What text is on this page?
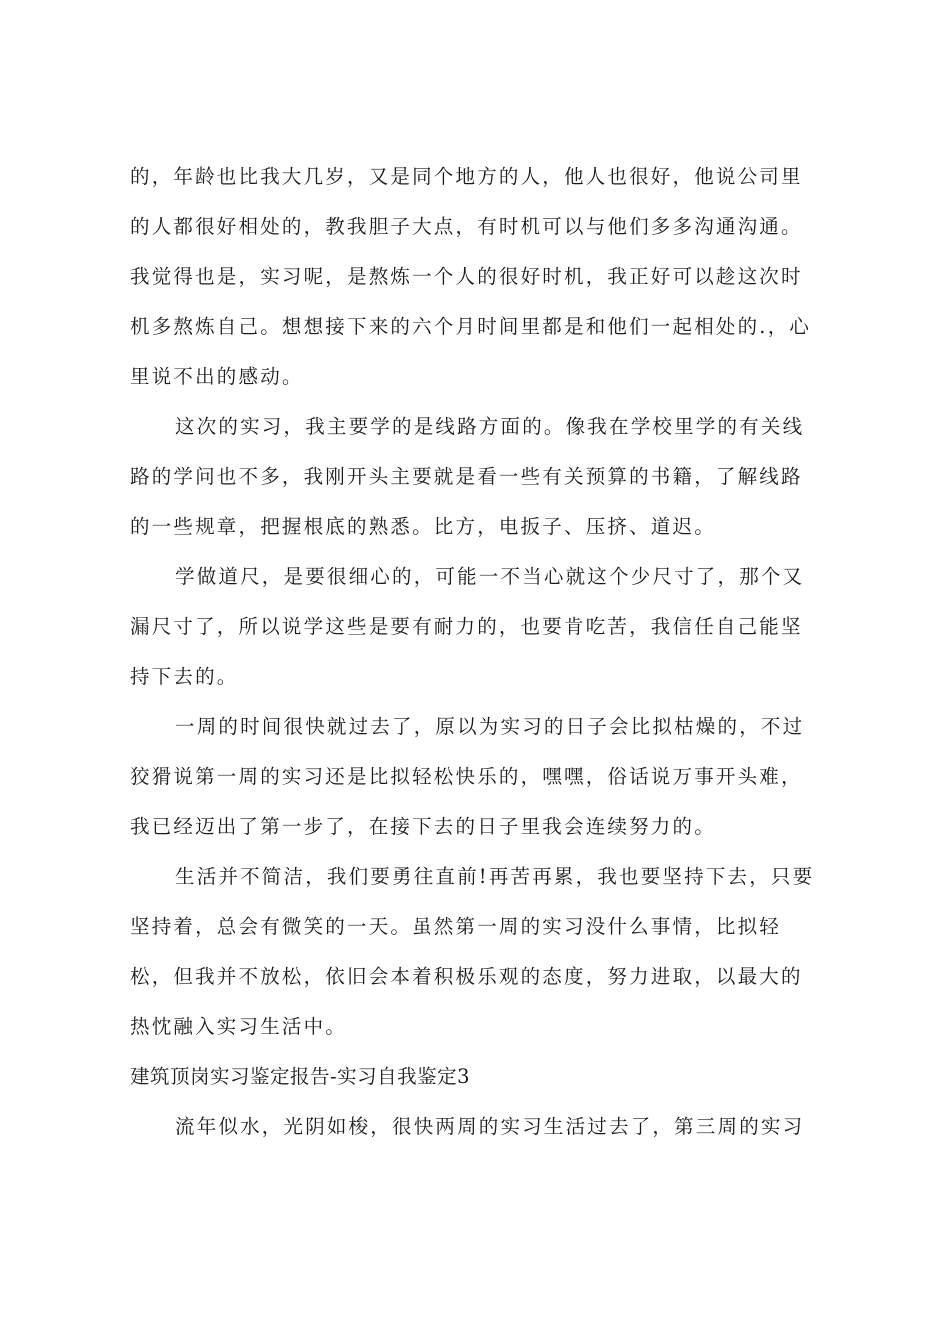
的，年龄也比我大几岁，又是同个地方的人，他人也很好，他说公司里
的人都很好相处的，教我胆子大点，有时机可以与他们多多沟通沟通。
我觉得也是，实习呢，是熬炼一个人的很好时机，我正好可以趁这次时
机多熬炼自己。想想接下来的六个月时间里都是和他们一起相处的.，心
里说不出的感动。
这次的实习，我主要学的是线路方面的。像我在学校里学的有关线
路的学问也不多，我刚开头主要就是看一些有关预算的书籍，了解线路
的一些规章，把握根底的熟悉。比方，电扳子、压挤、道迟。
学做道尺，是要很细心的，可能一不当心就这个少尺寸了，那个又
漏尺寸了，所以说学这些是要有耐力的，也要肯吃苦，我信任自己能坚
持下去的。
一周的时间很快就过去了，原以为实习的日子会比拟枯燥的，不过
狡猾说第一周的实习还是比拟轻松快乐的，嘿嘿，俗话说万事开头难，
我已经迈出了第一步了，在接下去的日子里我会连续努力的。
生活并不简洁，我们要勇往直前!再苦再累，我也要坚持下去，只要
坚持着，总会有微笑的一天。虽然第一周的实习没什么事情，比拟轻
松，但我并不放松，依旧会本着积极乐观的态度，努力进取，以最大的
热忱融入实习生活中。
建筑顶岗实习鉴定报告-实习自我鉴定3
流年似水，光阴如梭，很快两周的实习生活过去了，第三周的实习
